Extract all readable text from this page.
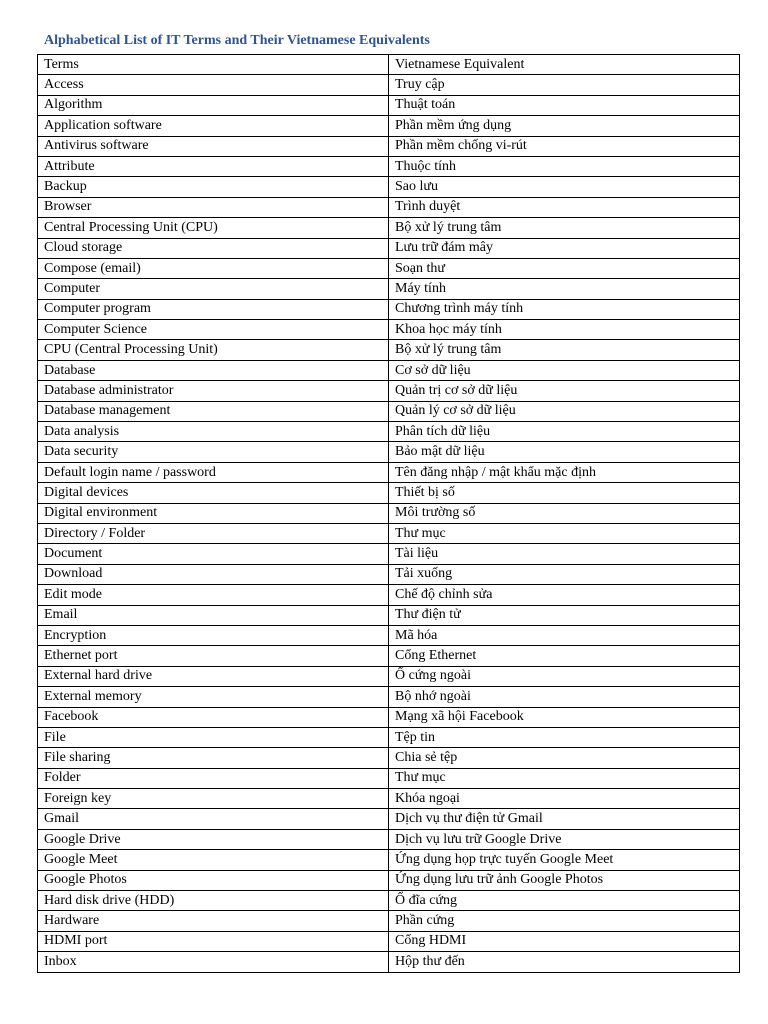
Alphabetical List of IT Terms and Their Vietnamese Equivalents
Terms	Vietnamese Equivalent
Access	Truy cập
Algorithm	Thuật toán
Application software	Phần mềm ứng dụng
Antivirus software	Phần mềm chống vi-rút
Attribute	Thuộc tính
Backup	Sao lưu
Browser	Trình duyệt
Central Processing Unit (CPU)	Bộ xử lý trung tâm
Cloud storage	Lưu trữ đám mây
Compose (email)	Soạn thư
Computer	Máy tính
Computer program	Chương trình máy tính
Computer Science	Khoa học máy tính
CPU (Central Processing Unit)	Bộ xử lý trung tâm
Database	Cơ sở dữ liệu
Database administrator	Quản trị cơ sở dữ liệu
Database management	Quản lý cơ sở dữ liệu
Data analysis	Phân tích dữ liệu
Data security	Bảo mật dữ liệu
Default login name / password	Tên đăng nhập / mật khẩu mặc định
Digital devices	Thiết bị số
Digital environment	Môi trường số
Directory / Folder	Thư mục
Document	Tài liệu
Download	Tải xuống
Edit mode	Chế độ chỉnh sửa
Email	Thư điện tử
Encryption	Mã hóa
Ethernet port	Cổng Ethernet
External hard drive	Ổ cứng ngoài
External memory	Bộ nhớ ngoài
Facebook	Mạng xã hội Facebook
File	Tệp tin
File sharing	Chia sẻ tệp
Folder	Thư mục
Foreign key	Khóa ngoại
Gmail	Dịch vụ thư điện tử Gmail
Google Drive	Dịch vụ lưu trữ Google Drive
Google Meet	Ứng dụng họp trực tuyến Google Meet
Google Photos	Ứng dụng lưu trữ ảnh Google Photos
Hard disk drive (HDD)	Ổ đĩa cứng
Hardware	Phần cứng
HDMI port	Cổng HDMI
Inbox	Hộp thư đến
